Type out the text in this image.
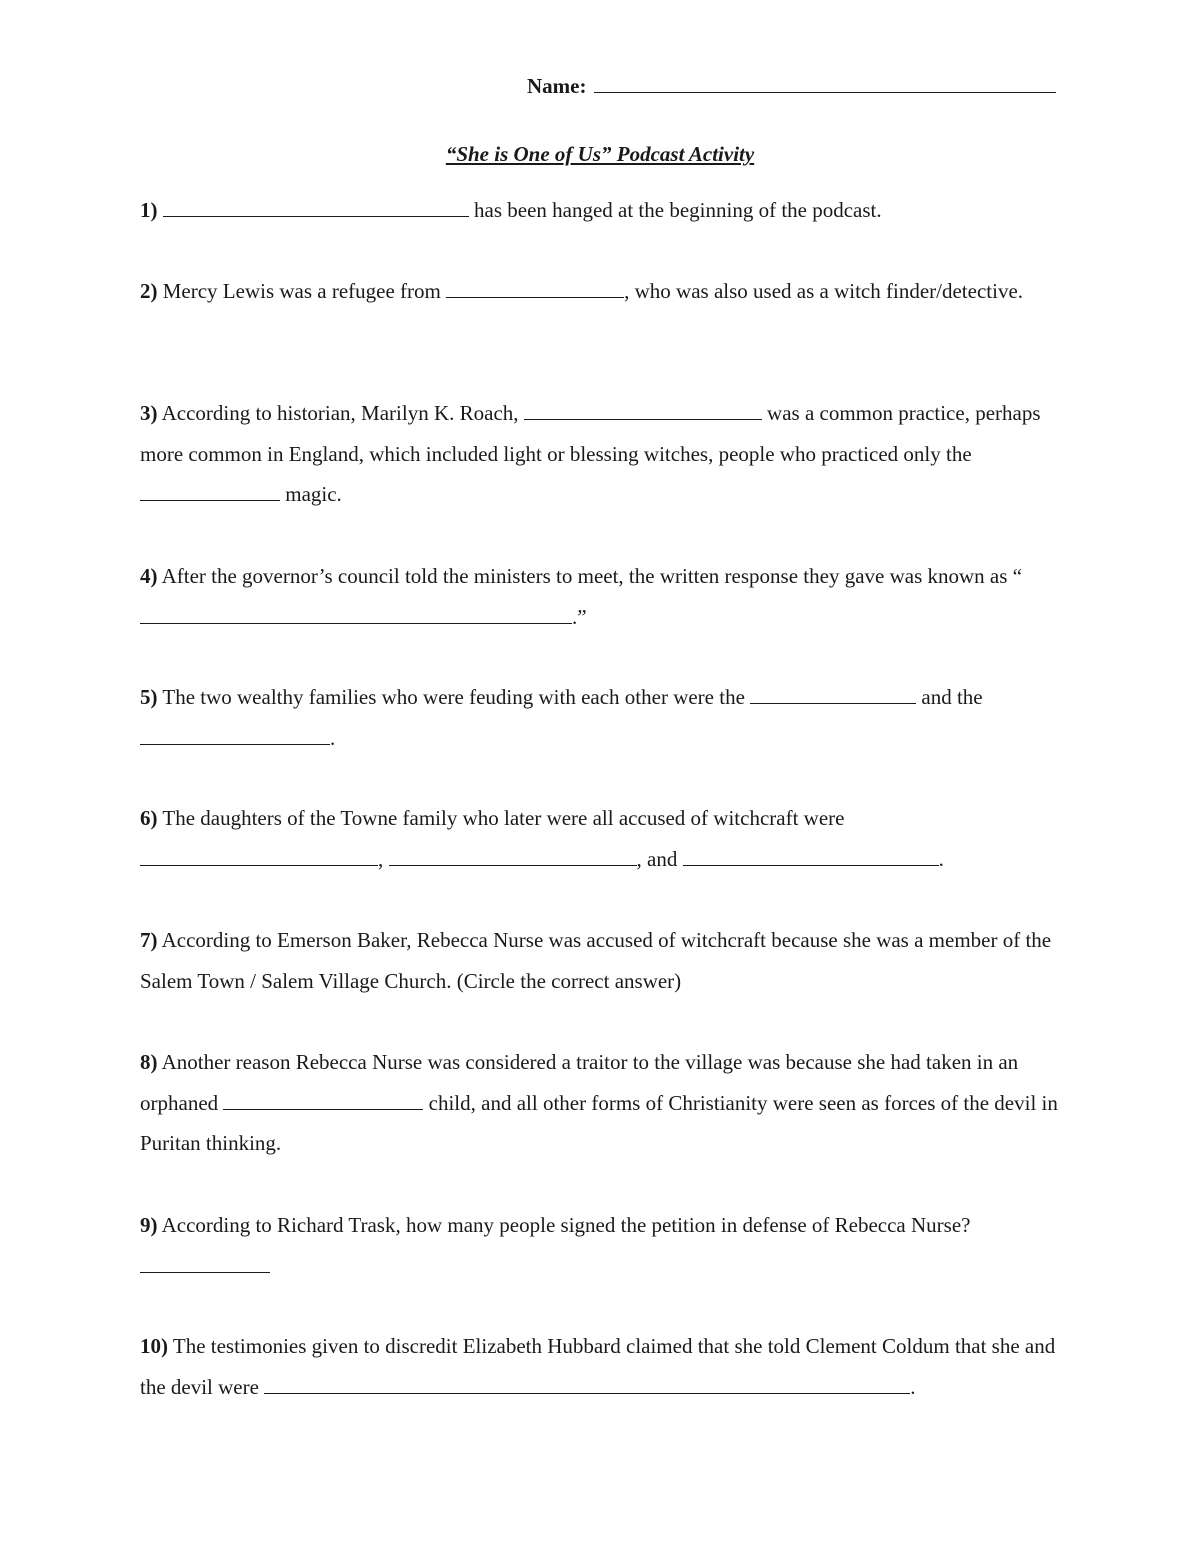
Name:
“She is One of Us” Podcast Activity
1)	has been hanged at the beginning of the podcast.
2) Mercy Lewis was a refugee from	, who was also used as a witch finder/detective.
3) According to historian, Marilyn K. Roach,	was a common practice, perhaps more common in England, which included light or blessing witches, people who practiced only the  magic.
4) After the governor’s council told the ministers to meet, the written response they gave was known as “.”
5) The two wealthy families who were feuding with each other were the	and the .
6) The daughters of the Towne family who later were all accused of witchcraft were ,	, and	.
7) According to Emerson Baker, Rebecca Nurse was accused of witchcraft because she was a member of the Salem Town / Salem Village Church. (Circle the correct answer)
8) Another reason Rebecca Nurse was considered a traitor to the village was because she had taken in an orphaned	child, and all other forms of Christianity were seen as forces of the devil in Puritan thinking.
9) According to Richard Trask, how many people signed the petition in defense of Rebecca Nurse?
10) The testimonies given to discredit Elizabeth Hubbard claimed that she told Clement Coldum that she and the devil were	.
